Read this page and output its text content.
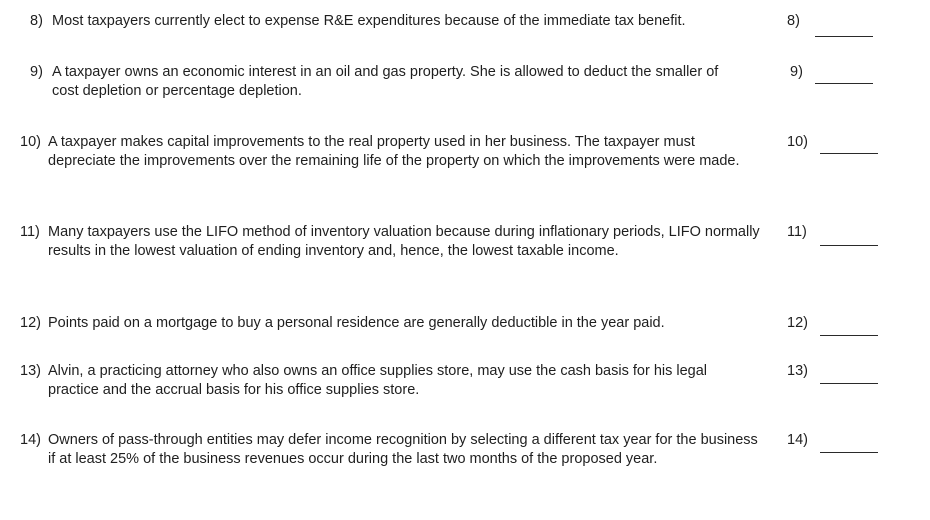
8) Most taxpayers currently elect to expense R&E expenditures because of the immediate tax benefit.	8)
9) A taxpayer owns an economic interest in an oil and gas property. She is allowed to deduct the smaller of cost depletion or percentage depletion.
9)
10) A taxpayer makes capital improvements to the real property used in her business. The taxpayer must depreciate the improvements over the remaining life of the property on which the improvements were made.
10)
11) Many taxpayers use the LIFO method of inventory valuation because during inflationary periods, LIFO normally results in the lowest valuation of ending inventory and, hence, the lowest taxable income.
11)
12) Points paid on a mortgage to buy a personal residence are generally deductible in the year paid.	12)
13) Alvin, a practicing attorney who also owns an office supplies store, may use the cash basis for his legal practice and the accrual basis for his office supplies store.
13)
14) Owners of pass-through entities may defer income recognition by selecting a different tax year for the business if at least 25% of the business revenues occur during the last two months of the proposed year.
14)
